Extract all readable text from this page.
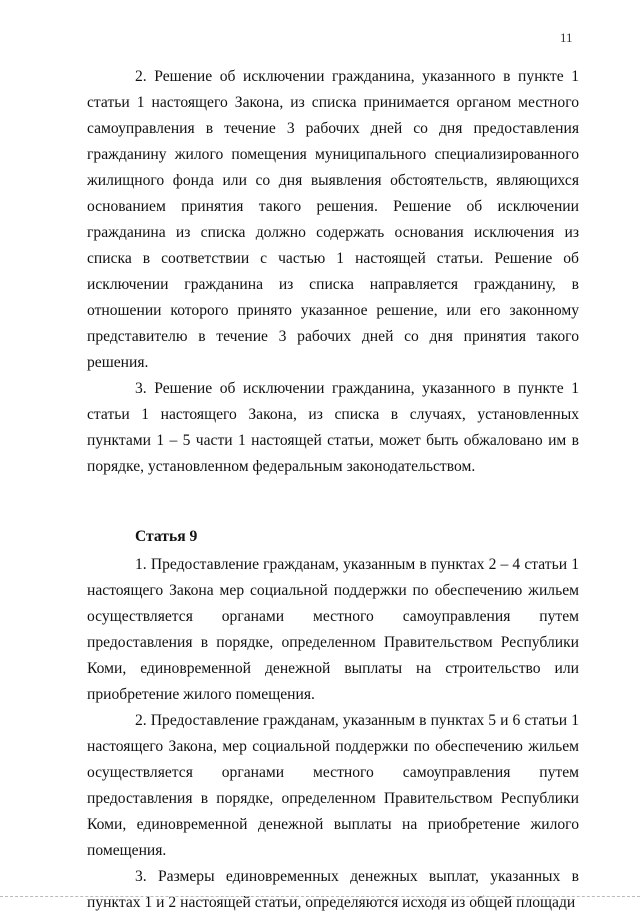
11

2. Решение об исключении гражданина, указанного в пункте 1 статьи 1 настоящего Закона, из списка принимается органом местного самоуправления в течение 3 рабочих дней со дня предоставления гражданину жилого помещения муниципального специализированного жилищного фонда или со дня выявления обстоятельств, являющихся основанием принятия такого решения. Решение об исключении гражданина из списка должно содержать основания исключения из списка в соответствии с частью 1 настоящей статьи. Решение об исключении гражданина из списка направляется гражданину, в отношении которого принято указанное решение, или его законному представителю в течение 3 рабочих дней со дня принятия такого решения.

3. Решение об исключении гражданина, указанного в пункте 1 статьи 1 настоящего Закона, из списка в случаях, установленных пунктами 1 – 5 части 1 настоящей статьи, может быть обжаловано им в порядке, установленном федеральным законодательством.

Статья 9

1. Предоставление гражданам, указанным в пунктах 2 – 4 статьи 1 настоящего Закона мер социальной поддержки по обеспечению жильем осуществляется органами местного самоуправления путем предоставления в порядке, определенном Правительством Республики Коми, единовременной денежной выплаты на строительство или приобретение жилого помещения.

2. Предоставление гражданам, указанным в пунктах 5 и 6 статьи 1 настоящего Закона, мер социальной поддержки по обеспечению жильем осуществляется органами местного самоуправления путем предоставления в порядке, определенном Правительством Республики Коми, единовременной денежной выплаты на приобретение жилого помещения.

3. Размеры единовременных денежных выплат, указанных в пунктах 1 и 2 настоящей статьи, определяются исходя из общей площади
